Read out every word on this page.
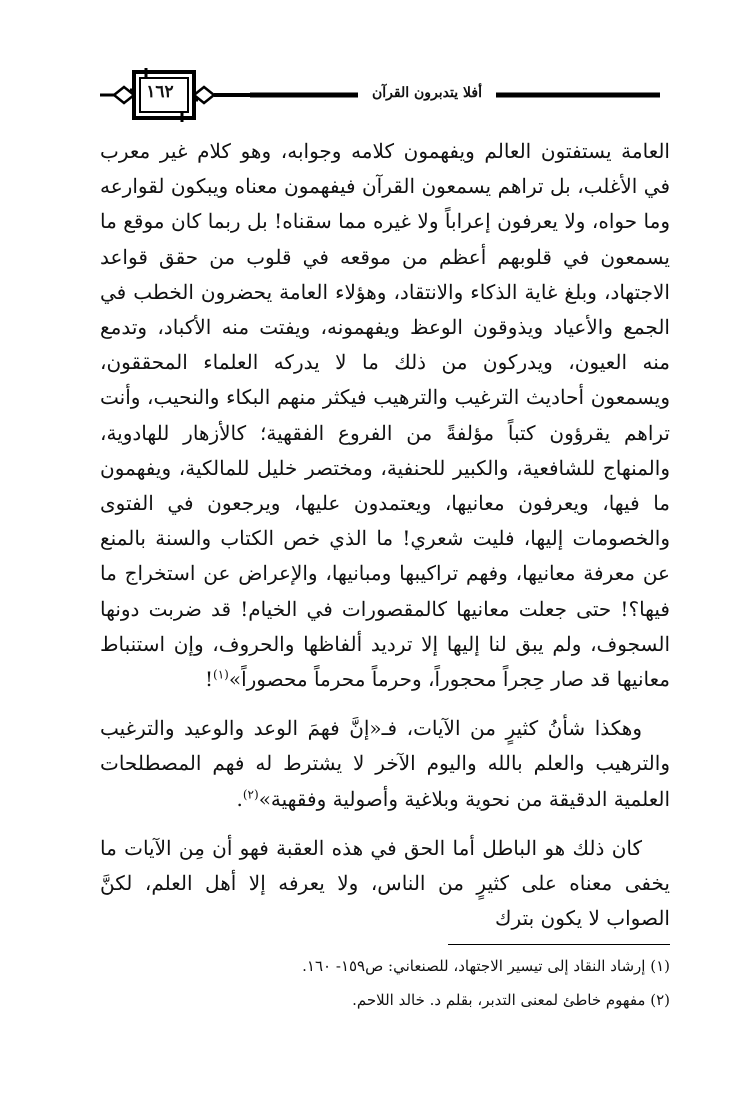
١٦٢	أفلا يتدبرون القرآن

العامة يستفتون العالم ويفهمون كلامه وجوابه، وهو كلام غير معرب في الأغلب، بل تراهم يسمعون القرآن فيفهمون معناه ويبكون لقوارعه وما حواه، ولا يعرفون إعراباً ولا غيره مما سقناه! بل ربما كان موقع ما يسمعون في قلوبهم أعظم من موقعه في قلوب من حقق قواعد الاجتهاد، وبلغ غاية الذكاء والانتقاد، وهؤلاء العامة يحضرون الخطب في الجمع والأعياد ويذوقون الوعظ ويفهمونه، ويفتت منه الأكباد، وتدمع منه العيون، ويدركون من ذلك ما لا يدركه العلماء المحققون، ويسمعون أحاديث الترغيب والترهيب فيكثر منهم البكاء والنحيب، وأنت تراهم يقرؤون كتباً مؤلفةً من الفروع الفقهية؛ كالأزهار للهادوية، والمنهاج للشافعية، والكبير للحنفية، ومختصر خليل للمالكية، ويفهمون ما فيها، ويعرفون معانيها، ويعتمدون عليها، ويرجعون في الفتوى والخصومات إليها، فليت شعري! ما الذي خص الكتاب والسنة بالمنع عن معرفة معانيها، وفهم تراكيبها ومبانيها، والإعراض عن استخراج ما فيها؟! حتى جعلت معانيها كالمقصورات في الخيام! قد ضربت دونها السجوف، ولم يبق لنا إليها إلا ترديد ألفاظها والحروف، وإن استنباط معانيها قد صار حِجراً محجوراً، وحرماً محرماً محصوراً»$^{(١)}$!

وهكذا شأنُ كثيرٍ من الآيات، فـ«إنَّ فهمَ الوعد والوعيد والترغيب والترهيب والعلم بالله واليوم الآخر لا يشترط له فهم المصطلحات العلمية الدقيقة من نحوية وبلاغية وأصولية وفقهية»$^{(٢)}$.

كان ذلك هو الباطل أما الحق في هذه العقبة فهو أن مِن الآيات ما يخفى معناه على كثيرٍ من الناس، ولا يعرفه إلا أهل العلم، لكنَّ الصواب لا يكون بترك

(١) إرشاد النقاد إلى تيسير الاجتهاد، للصنعاني: ص١٥٩- ١٦٠.

(٢) مفهوم خاطئ لمعنى التدبر، بقلم د. خالد اللاحم.
